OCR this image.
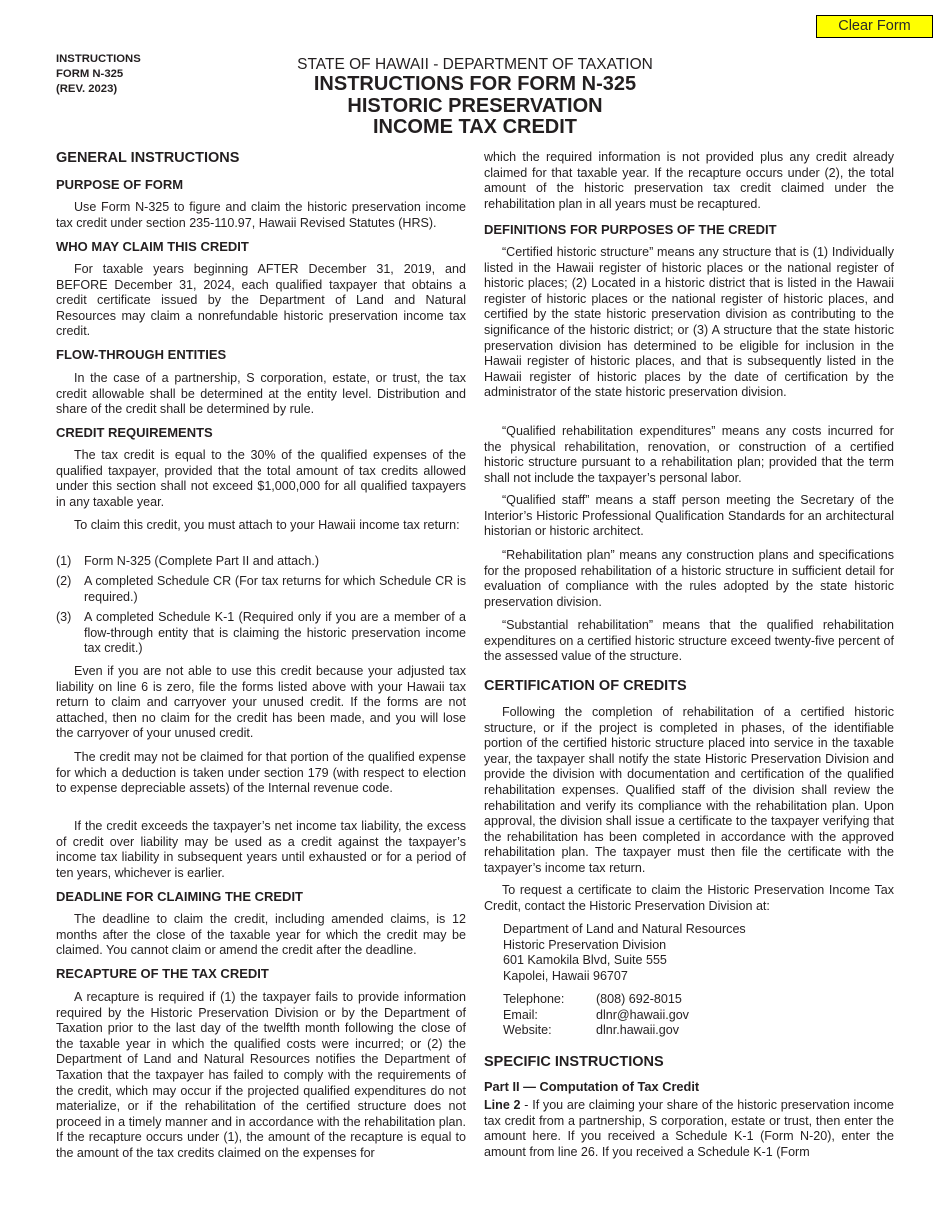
Clear Form
INSTRUCTIONS
FORM N-325
(REV. 2023)
STATE OF HAWAII - DEPARTMENT OF TAXATION
INSTRUCTIONS FOR FORM N-325
HISTORIC PRESERVATION
INCOME TAX CREDIT
GENERAL INSTRUCTIONS
PURPOSE OF FORM

Use Form N-325 to figure and claim the historic preservation income tax credit under section 235-110.97, Hawaii Revised Statutes (HRS).

WHO MAY CLAIM THIS CREDIT

For taxable years beginning AFTER December 31, 2019, and BEFORE December 31, 2024, each qualified taxpayer that obtains a credit certificate issued by the Department of Land and Natural Resources may claim a nonrefundable historic preservation income tax credit.

FLOW-THROUGH ENTITIES

In the case of a partnership, S corporation, estate, or trust, the tax credit allowable shall be determined at the entity level. Distribution and share of the credit shall be determined by rule.

CREDIT REQUIREMENTS

The tax credit is equal to the 30% of the qualified expenses of the qualified taxpayer, provided that the total amount of tax credits allowed under this section shall not exceed $1,000,000 for all qualified taxpayers in any taxable year.

To claim this credit, you must attach to your Hawaii income tax return:

(1) Form N-325 (Complete Part II and attach.)
(2) A completed Schedule CR (For tax returns for which Schedule CR is required.)
(3) A completed Schedule K-1 (Required only if you are a member of a flow-through entity that is claiming the historic preservation income tax credit.)

Even if you are not able to use this credit because your adjusted tax liability on line 6 is zero, file the forms listed above with your Hawaii tax return to claim and carryover your unused credit. If the forms are not attached, then no claim for the credit has been made, and you will lose the carryover of your unused credit.

The credit may not be claimed for that portion of the qualified expense for which a deduction is taken under section 179 (with respect to election to expense depreciable assets) of the Internal revenue code.

If the credit exceeds the taxpayer’s net income tax liability, the excess of credit over liability may be used as a credit against the taxpayer’s income tax liability in subsequent years until exhausted or for a period of ten years, whichever is earlier.

DEADLINE FOR CLAIMING THE CREDIT

The deadline to claim the credit, including amended claims, is 12 months after the close of the taxable year for which the credit may be claimed. You cannot claim or amend the credit after the deadline.

RECAPTURE OF THE TAX CREDIT

A recapture is required if (1) the taxpayer fails to provide information required by the Historic Preservation Division or by the Department of Taxation prior to the last day of the twelfth month following the close of the taxable year in which the qualified costs were incurred; or (2) the Department of Land and Natural Resources notifies the Department of Taxation that the taxpayer has failed to comply with the requirements of the credit, which may occur if the projected qualified expenditures do not materialize, or if the rehabilitation of the certified structure does not proceed in a timely manner and in accordance with the rehabilitation plan. If the recapture occurs under (1), the amount of the recapture is equal to the amount of the tax credits claimed on the expenses for

which the required information is not provided plus any credit already claimed for that taxable year. If the recapture occurs under (2), the total amount of the historic preservation tax credit claimed under the rehabilitation plan in all years must be recaptured.

DEFINITIONS FOR PURPOSES OF THE CREDIT

“Certified historic structure” means any structure that is (1) Individually listed in the Hawaii register of historic places or the national register of historic places; (2) Located in a historic district that is listed in the Hawaii register of historic places or the national register of historic places, and certified by the state historic preservation division as contributing to the significance of the historic district; or (3) A structure that the state historic preservation division has determined to be eligible for inclusion in the Hawaii register of historic places, and that is subsequently listed in the Hawaii register of historic places by the date of certification by the administrator of the state historic preservation division.

“Qualified rehabilitation expenditures” means any costs incurred for the physical rehabilitation, renovation, or construction of a certified historic structure pursuant to a rehabilitation plan; provided that the term shall not include the taxpayer’s personal labor.

“Qualified staff” means a staff person meeting the Secretary of the Interior’s Historic Professional Qualification Standards for an architectural historian or historic architect.

“Rehabilitation plan” means any construction plans and specifications for the proposed rehabilitation of a historic structure in sufficient detail for evaluation of compliance with the rules adopted by the state historic preservation division.

“Substantial rehabilitation” means that the qualified rehabilitation expenditures on a certified historic structure exceed twenty-five percent of the assessed value of the structure.

CERTIFICATION OF CREDITS

Following the completion of rehabilitation of a certified historic structure, or if the project is completed in phases, of the identifiable portion of the certified historic structure placed into service in the taxable year, the taxpayer shall notify the state Historic Preservation Division and provide the division with documentation and certification of the qualified rehabilitation expenses. Qualified staff of the division shall review the rehabilitation and verify its compliance with the rehabilitation plan. Upon approval, the division shall issue a certificate to the taxpayer verifying that the rehabilitation has been completed in accordance with the approved rehabilitation plan. The taxpayer must then file the certificate with the taxpayer’s income tax return.

To request a certificate to claim the Historic Preservation Income Tax Credit, contact the Historic Preservation Division at:

Department of Land and Natural Resources
Historic Preservation Division
601 Kamokila Blvd, Suite 555
Kapolei, Hawaii 96707
Telephone:	(808) 692-8015
Email:	dlnr@hawaii.gov
Website:	dlnr.hawaii.gov
SPECIFIC INSTRUCTIONS
Part II — Computation of Tax Credit

Line 2 - If you are claiming your share of the historic preservation income tax credit from a partnership, S corporation, estate or trust, then enter the amount here. If you received a Schedule K-1 (Form N-20), enter the amount from line 26. If you received a Schedule K-1 (Form
